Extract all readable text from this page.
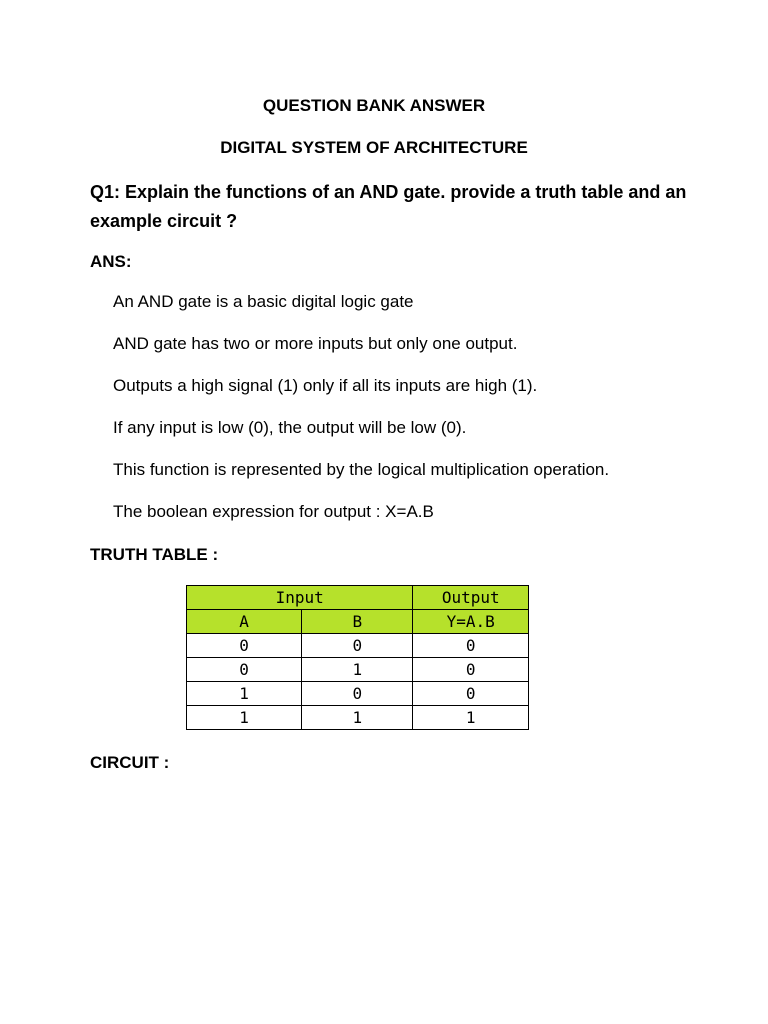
QUESTION BANK ANSWER
DIGITAL SYSTEM OF ARCHITECTURE
Q1: Explain the functions of an AND gate. provide a truth table and an example circuit ?
ANS:
An AND gate is a basic digital logic gate
AND gate has two or more inputs but only one output.
Outputs a high signal (1) only if all its inputs are high (1).
If any input is low (0), the output will be low (0).
This function is represented by the logical multiplication operation.
The boolean expression for output : X=A.B
TRUTH TABLE :
Input		Output
A	B	Y=A.B
0	0	0
0	1	0
1	0	0
1	1	1
CIRCUIT :
